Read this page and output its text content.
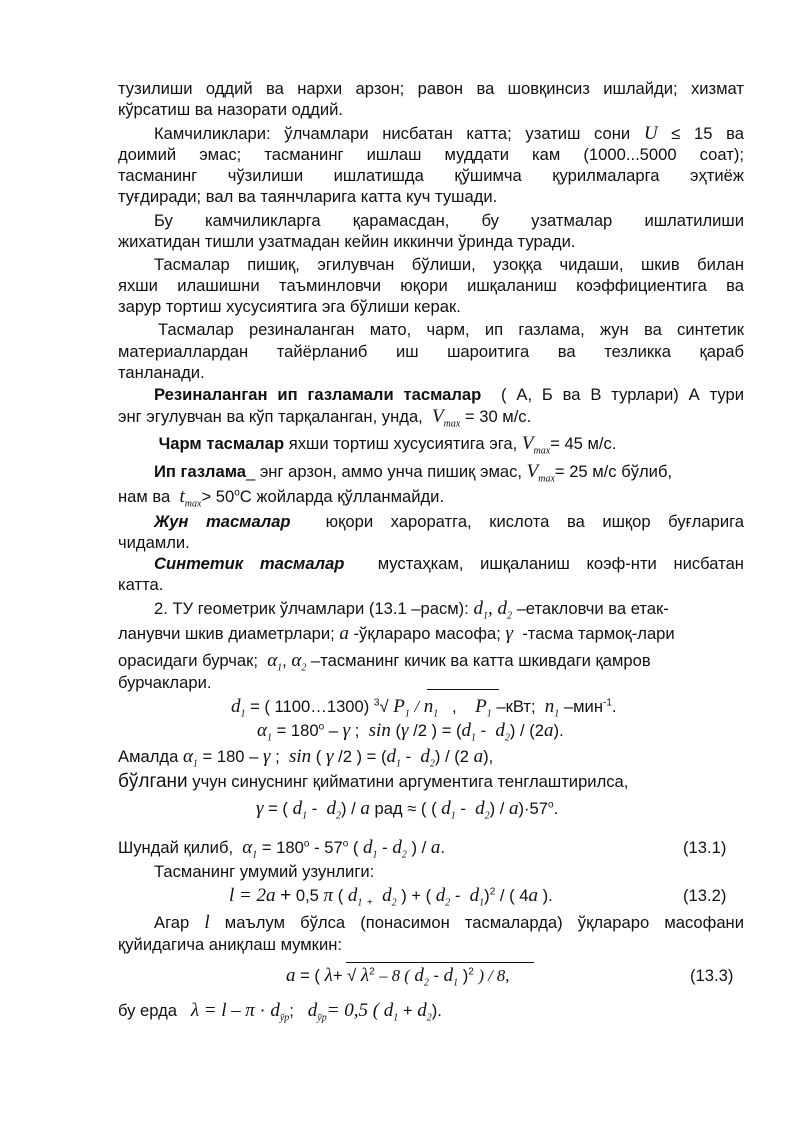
тузилиши оддий ва нархи арзон; равон ва шовқинсиз ишлайди; хизмат
кўрсатиш ва назорати оддий.
Камчиликлари: ўлчамлари нисбатан катта; узатиш сони U ≤ 15 ва
доимий эмас; тасманинг ишлаш муддати кам (1000...5000 соат);
тасманинг чўзилиши ишлатишда қўшимча қурилмаларга эҳтиёж
туғдиради; вал ва таянчларига катта куч тушади.
Бу камчиликларга қарамасдан, бу узатмалар ишлатилиши
жихатидан тишли узатмадан кейин иккинчи ўринда туради.
Тасмалар пишиқ, эгилувчан бўлиши, узоққа чидаши, шкив билан
яхши илашишни таъминловчи юқори ишқаланиш коэффициентига ва
зарур тортиш хусусиятига эга бўлиши керак.
Тасмалар резиналанган мато, чарм, ип газлама, жун ва синтетик
материаллардан тайёрланиб иш шароитига ва тезликка қараб
танланади.
Резиналанган ип газламали тасмалар ( А, Б ва В турлари) А тури
энг эгулувчан ва кўп тарқаланган, унда, $V_{max} = 30$ м/с.
Чарм тасмалар яхши тортиш хусусиятига эга, $V_{max}= 45$ м/с.
Ип газлама_ энг арзон, аммо унча пишиқ эмас, $V_{max}= 25$ м/с бўлиб,
нам ва $t_{max}> 50^oС$ жойларда қўлланмайди.
Жун тасмалар юқори хароратга, кислота ва ишқор буғларига
чидамли.
Синтетик тасмалар мустаҳкам, ишқаланиш коэф-нти нисбатан
катта.
2. ТУ геометрик ўлчамлари (13.1 –расм): $d_1$, $d_2$ –етакловчи ва етак-
ланувчи шкив диаметрлари; a -ўқлараро масофа; γ -тасма тармоқ-лари
орасидаги бурчак; $\alpha_1$, $\alpha_2$ –тасманинг кичик ва катта шкивдаги қамров
бурчаклари.
$d_1$ = ( 1100…1300) $^3$√ $P_1 / n_1$ , $P_1$ –кВт; $n_1$ –мин$^{-1}$.
$\alpha_1 = 180^o - \gamma$ ; sin (γ /2 ) = $(d_1 - d_2) / (2a)$.
Амалда $\alpha_1 = 180 - \gamma$ ; sin ( γ /2 ) = $(d_1 - d_2) / (2$ a),
бўлгани учун синуснинг қийматини аргументига тенглаштирилса,
γ = ( $d_1 - d_2$) / a рад ≈ ( ( $d_1 - d_2) / a)\cdot 57^o$.
Шундай қилиб, $\alpha_1 = 180^o - 57^o$ ( $d_1 - d_2$ ) / a.	(13.1)
Тасманинг умумий узунлиги:
l = 2a + 0,5 π ( $d_1$ $_+$ $d_2$ ) + ( $d_2 - d_1)^2$ / ( 4a ).	(13.2)
Агар l маълум бўлса (понасимон тасмаларда) ўқлараро масофани
қуйидагича аниқлаш мумкин:
a = ( λ+ √ $\lambda^2 - 8$ ( $d_2 - d_1$ )$^2$ ) / 8,	(13.3)
бу ерда $\lambda = l - \pi \cdot d_{ўр}$; $d_{ўр}= 0,5$ ( $d_1 + d_2$).
